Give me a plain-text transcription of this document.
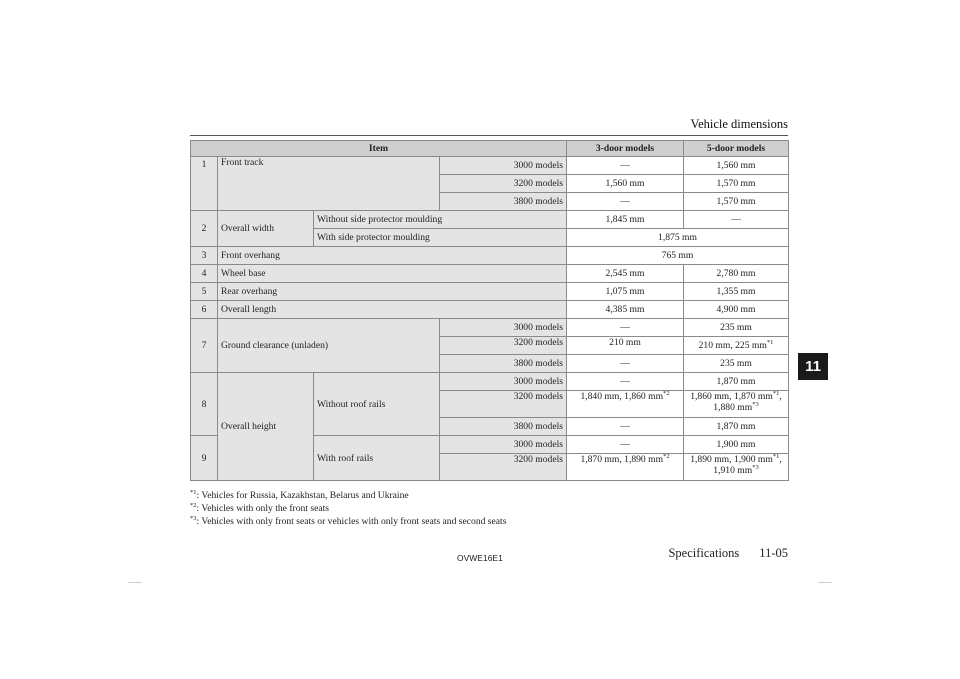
Vehicle dimensions
11
Item				3-door models	5-door models
1	Front track		3000 models	—	1,560 mm
			3200 models	1,560 mm	1,570 mm
			3800 models	—	1,570 mm
2	Overall width	Without side protector moulding		1,845 mm	—
		With side protector moulding		1,875 mm	
3	Front overhang			765 mm	
4	Wheel base			2,545 mm	2,780 mm
5	Rear overhang			1,075 mm	1,355 mm
6	Overall length			4,385 mm	4,900 mm
7	Ground clearance (unladen)		3000 models	—	235 mm
			3200 models	210 mm	210 mm, 225 $mm^{*1}$
			3800 models	—	235 mm
8	Overall height	Without roof rails	3000 models	—	1,870 mm
			3200 models	1,840 mm, 1,860 $mm^{*2}$	1,860 mm, 1,870 $mm^{*1}$,
1,880 $mm^{*3}$
			3800 models	—	1,870 mm
9		With roof rails	3000 models	—	1,900 mm
			3200 models	1,870 mm, 1,890 $mm^{*2}$	1,890 mm, 1,900 $mm^{*1}$,
1,910 $mm^{*3}$
$^{*1}$: Vehicles for Russia, Kazakhstan, Belarus and Ukraine
$^{*2}$: Vehicles with only the front seats
$^{*3}$: Vehicles with only front seats or vehicles with only front seats and second seats
OVWE16E1	Specifications 11-05
